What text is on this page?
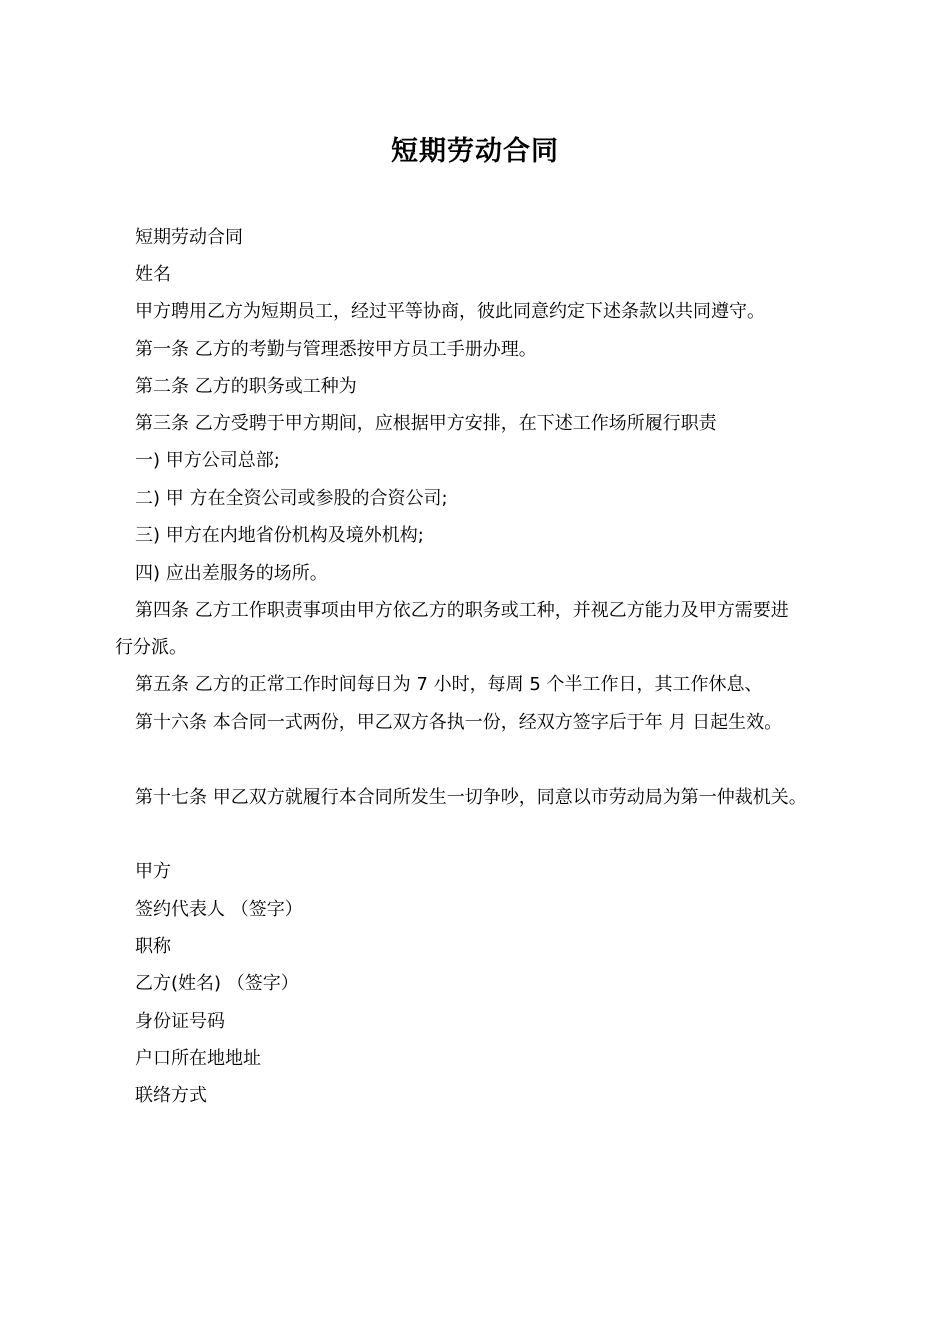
短期劳动合同
短期劳动合同
姓名
甲方聘用乙方为短期员工，经过平等协商，彼此同意约定下述条款以共同遵守。
第一条 乙方的考勤与管理悉按甲方员工手册办理。
第二条 乙方的职务或工种为
第三条 乙方受聘于甲方期间，应根据甲方安排，在下述工作场所履行职责
一) 甲方公司总部;
二) 甲 方在全资公司或参股的合资公司;
三) 甲方在内地省份机构及境外机构;
四) 应出差服务的场所。
第四条 乙方工作职责事项由甲方依乙方的职务或工种，并视乙方能力及甲方需要进
行分派。
第五条 乙方的正常工作时间每日为 7 小时，每周 5 个半工作日，其工作休息、
第十六条 本合同一式两份，甲乙双方各执一份，经双方签字后于年 月 日起生效。
第十七条 甲乙双方就履行本合同所发生一切争吵，同意以市劳动局为第一仲裁机关。
甲方
签约代表人 （签字）
职称
乙方(姓名) （签字）
身份证号码
户口所在地地址
联络方式
